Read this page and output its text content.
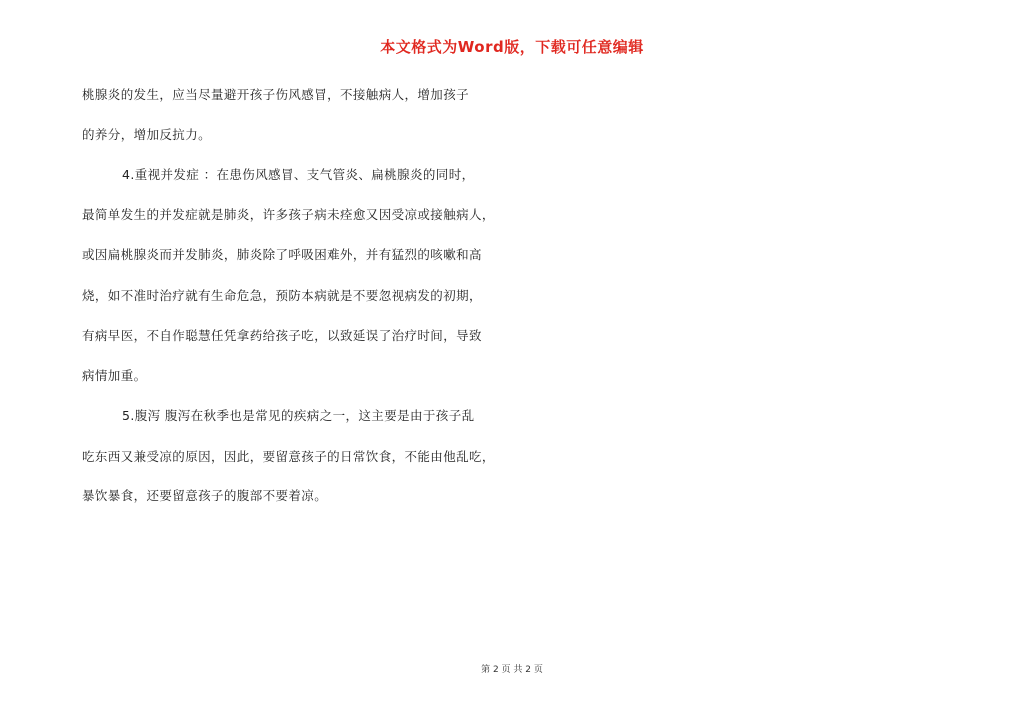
本文格式为Word版，下载可任意编辑
桃腺炎的发生，应当尽量避开孩子伤风感冒，不接触病人，增加孩子
的养分，增加反抗力。
4.重视并发症 ：在患伤风感冒、支气管炎、扁桃腺炎的同时，
最简单发生的并发症就是肺炎，许多孩子病未痊愈又因受凉或接触病人，
或因扁桃腺炎而并发肺炎，肺炎除了呼吸困难外，并有猛烈的咳嗽和高
烧，如不准时治疗就有生命危急，预防本病就是不要忽视病发的初期，
有病早医，不自作聪慧任凭拿药给孩子吃，以致延误了治疗时间，导致
病情加重。
5.腹泻 腹泻在秋季也是常见的疾病之一，这主要是由于孩子乱
吃东西又兼受凉的原因，因此，要留意孩子的日常饮食，不能由他乱吃，
暴饮暴食，还要留意孩子的腹部不要着凉。
第 2 页 共 2 页
